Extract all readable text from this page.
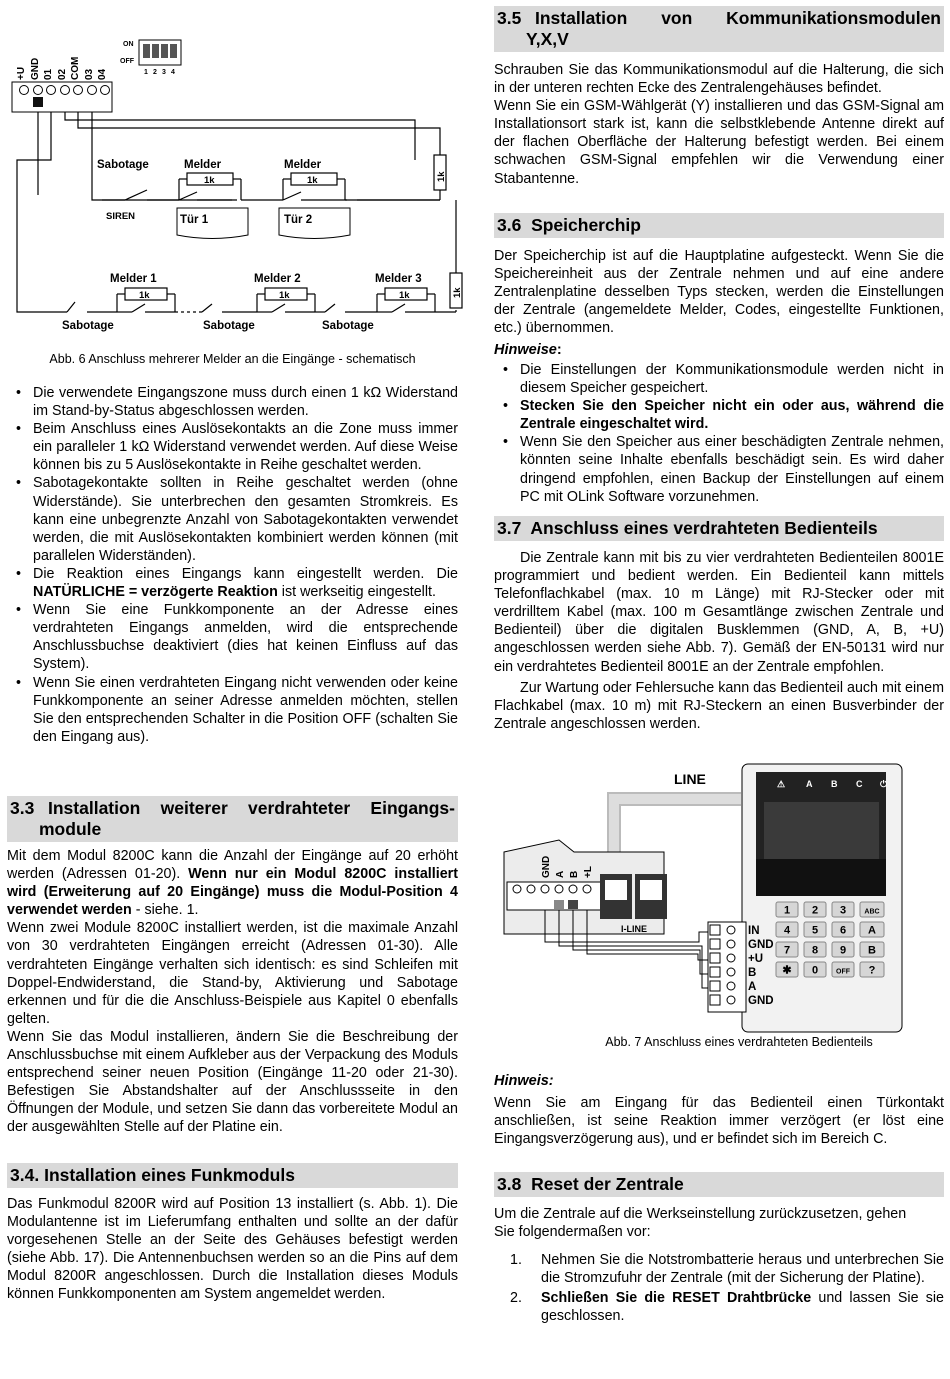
+U GND 01 02 COM 03 04
ON
OFF
1 2 3 4
Sabotage	Melder	Melder
1k	1k	1k
SIREN	Tür 1	Tür 2
Melder 1	Melder 2	Melder 3
1k	1k	1k	1k
Sabotage	Sabotage	Sabotage
Abb. 6 Anschluss mehrerer Melder an die Eingänge - schematisch
• Die verwendete Eingangszone muss durch einen 1 kΩ Widerstand im Stand-by-Status abgeschlossen werden.
• Beim Anschluss eines Auslösekontakts an die Zone muss immer ein paralleler 1 kΩ Widerstand verwendet werden. Auf diese Weise können bis zu 5 Auslösekontakte in Reihe geschaltet werden.
• Sabotagekontakte sollten in Reihe geschaltet werden (ohne Widerstände). Sie unterbrechen den gesamten Stromkreis. Es kann eine unbegrenzte Anzahl von Sabotagekontakten verwendet werden, die mit Auslösekontakten kombiniert werden können (mit parallelen Widerständen).
• Die Reaktion eines Eingangs kann eingestellt werden. Die NATÜRLICHE = verzögerte Reaktion ist werkseitig eingestellt.
• Wenn Sie eine Funkkomponente an der Adresse eines verdrahteten Eingangs anmelden, wird die entsprechende Anschlussbuchse deaktiviert (dies hat keinen Einfluss auf das System).
• Wenn Sie einen verdrahteten Eingang nicht verwenden oder keine Funkkomponente an seiner Adresse anmelden möchten, stellen Sie den entsprechenden Schalter in die Position OFF (schalten Sie den Eingang aus).
3.3 Installation weiterer verdrahteter Eingangs-
module

Mit dem Modul 8200C kann die Anzahl der Eingänge auf 20 erhöht werden (Adressen 01-20). Wenn nur ein Modul 8200C installiert wird (Erweiterung auf 20 Eingänge) muss die Modul-Position 4 verwendet werden - siehe. 1.

Wenn zwei Module 8200C installiert werden, ist die maximale Anzahl von 30 verdrahteten Eingängen erreicht (Adressen 01-30). Alle verdrahteten Eingänge verhalten sich identisch: es sind Schleifen mit Doppel-Endwiderstand, die Stand-by, Aktivierung und Sabotage erkennen und für die die Anschluss-Beispiele aus Kapitel 0 ebenfalls gelten.

Wenn Sie das Modul installieren, ändern Sie die Beschreibung der Anschlussbuchse mit einem Aufkleber aus der Verpackung des Moduls entsprechend seiner neuen Position (Eingänge 11-20 oder 21-30). Befestigen Sie Abstandshalter auf der Anschlussseite in den Öffnungen der Module, und setzen Sie dann das vorbereitete Modul an der ausgewählten Stelle auf der Platine ein.

3.4. Installation eines Funkmoduls

Das Funkmodul 8200R wird auf Position 13 installiert (s. Abb. 1). Die Modulantenne ist im Lieferumfang enthalten und sollte an der dafür vorgesehenen Stelle an der Seite des Gehäuses befestigt werden (siehe Abb. 17). Die Antennenbuchsen werden so an die Pins auf dem Modul 8200R angeschlossen. Durch die Installation dieses Moduls können Funkkomponenten am System angemeldet werden.

3.5 Installation von Kommunikationsmodulen
Y,X,V

Schrauben Sie das Kommunikationsmodul auf die Halterung, die sich in der unteren rechten Ecke des Zentralengehäuses befindet.

Wenn Sie ein GSM-Wählgerät (Y) installieren und das GSM-Signal am Installationsort stark ist, kann die selbstklebende Antenne direkt auf der flachen Oberfläche der Halterung befestigt werden. Bei einem schwachen GSM-Signal empfehlen wir die Verwendung einer Stabantenne.

3.6 Speicherchip

Der Speicherchip ist auf die Hauptplatine aufgesteckt. Wenn Sie die Speichereinheit aus der Zentrale nehmen und auf eine andere Zentralenplatine desselben Typs stecken, werden die Einstellungen der Zentrale (angemeldete Melder, Codes, eingestellte Funktionen, etc.) übernommen.

Hinweise:
• Die Einstellungen der Kommunikationsmodule werden nicht in diesem Speicher gespeichert.
• Stecken Sie den Speicher nicht ein oder aus, während die Zentrale eingeschaltet wird.
• Wenn Sie den Speicher aus einer beschädigten Zentrale nehmen, könnten seine Inhalte ebenfalls beschädigt sein. Es wird daher dringend empfohlen, einen Backup der Einstellungen auf einem PC mit OLink Software vorzunehmen.
3.7 Anschluss eines verdrahteten Bedienteils

Die Zentrale kann mit bis zu vier verdrahteten Bedienteilen 8001E programmiert und bedient werden. Ein Bedienteil kann mittels Telefonflachkabel (max. 10 m Länge) mit RJ-Stecker oder mit verdrilltem Kabel (max. 100 m Gesamtlänge zwischen Zentrale und Bedienteil) über die digitalen Busklemmen (GND, A, B, +U) angeschlossen werden siehe Abb. 7). Gemäß der EN-50131 wird nur ein verdrahtetes Bedienteil 8001E an der Zentrale empfohlen.

Zur Wartung oder Fehlersuche kann das Bedienteil auch mit einem Flachkabel (max. 10 m) mit RJ-Steckern an einen Busverbinder der Zentrale angeschlossen werden.

⚠ A B C ⏻
1 2 3	ABC
4 5 6 A
7 8 9 B
✱ 0	OFF ?
LINE
GND A B +L
I-LINE	IN
GND
+U
B
A
GND
Abb. 7 Anschluss eines verdrahteten Bedienteils
Hinweis:

Wenn Sie am Eingang für das Bedienteil einen Türkontakt anschließen, ist seine Reaktion immer verzögert (er löst eine Eingangsverzögerung aus), und er befindet sich im Bereich C.

3.8 Reset der Zentrale

Um die Zentrale auf die Werkseinstellung zurückzusetzen, gehen Sie folgendermaßen vor:

1. Nehmen Sie die Notstrombatterie heraus und unterbrechen Sie die Stromzufuhr der Zentrale (mit der Sicherung der Platine).
2. Schließen Sie die RESET Drahtbrücke und lassen Sie sie geschlossen.
